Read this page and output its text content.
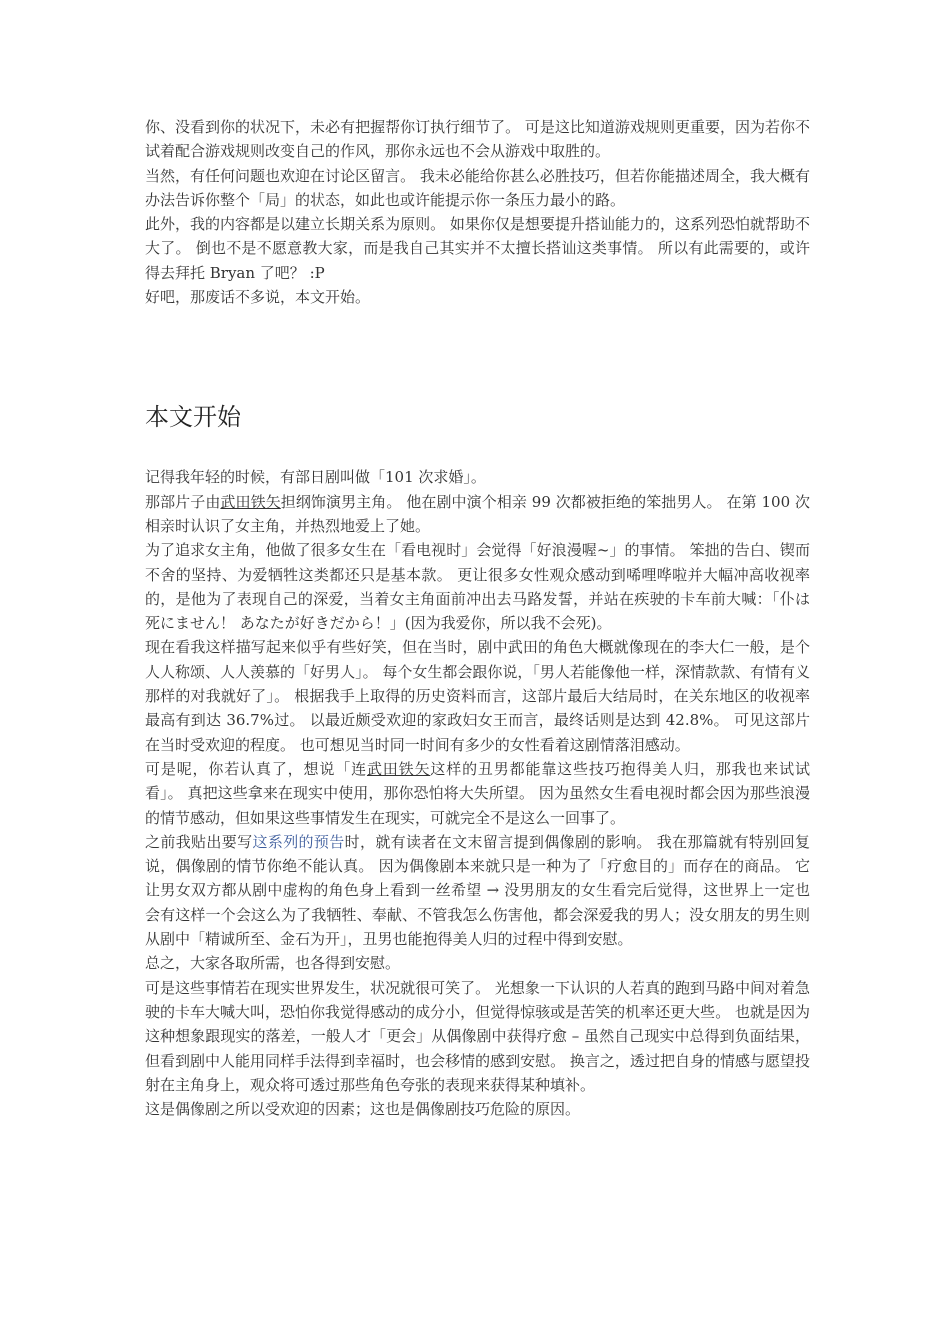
你、没看到你的状况下，未必有把握帮你订执行细节了。 可是这比知道游戏规则更重要，因为若你不试着配合游戏规则改变自己的作风，那你永远也不会从游戏中取胜的。

当然，有任何问题也欢迎在讨论区留言。 我未必能给你甚么必胜技巧，但若你能描述周全，我大概有办法告诉你整个「局」的状态，如此也或许能提示你一条压力最小的路。

此外，我的内容都是以建立长期关系为原则。 如果你仅是想要提升搭讪能力的，这系列恐怕就帮助不大了。 倒也不是不愿意教大家，而是我自己其实并不太擅长搭讪这类事情。 所以有此需要的，或许得去拜托 Bryan 了吧？ :P

好吧，那废话不多说，本文开始。

本文开始

记得我年轻的时候，有部日剧叫做「101 次求婚」。

那部片子由武田铁矢担纲饰演男主角。 他在剧中演个相亲 99 次都被拒绝的笨拙男人。 在第 100 次相亲时认识了女主角，并热烈地爱上了她。

为了追求女主角，他做了很多女生在「看电视时」会觉得「好浪漫喔~」的事情。 笨拙的告白、锲而不舍的坚持、为爱牺牲这类都还只是基本款。 更让很多女性观众感动到唏哩哗啦并大幅冲高收视率的，是他为了表现自己的深爱，当着女主角面前冲出去马路发誓，并站在疾驶的卡车前大喊：「仆は死にません！ あなたが好きだから！」(因为我爱你，所以我不会死)。

现在看我这样描写起来似乎有些好笑，但在当时，剧中武田的角色大概就像现在的李大仁一般，是个人人称颂、人人羡慕的「好男人」。 每个女生都会跟你说，「男人若能像他一样，深情款款、有情有义那样的对我就好了」。 根据我手上取得的历史资料而言，这部片最后大结局时，在关东地区的收视率最高有到达 36.7%过。 以最近颇受欢迎的家政妇女王而言，最终话则是达到 42.8%。 可见这部片在当时受欢迎的程度。 也可想见当时同一时间有多少的女性看着这剧情落泪感动。

可是呢，你若认真了，想说「连武田铁矢这样的丑男都能靠这些技巧抱得美人归，那我也来试试看」。 真把这些拿来在现实中使用，那你恐怕将大失所望。 因为虽然女生看电视时都会因为那些浪漫的情节感动，但如果这些事情发生在现实，可就完全不是这么一回事了。

之前我贴出要写这系列的预告时，就有读者在文末留言提到偶像剧的影响。 我在那篇就有特别回复说，偶像剧的情节你绝不能认真。 因为偶像剧本来就只是一种为了「疗愈目的」而存在的商品。 它让男女双方都从剧中虚构的角色身上看到一丝希望 → 没男朋友的女生看完后觉得，这世界上一定也会有这样一个会这么为了我牺牲、奉献、不管我怎么伤害他，都会深爱我的男人；没女朋友的男生则从剧中「精诚所至、金石为开」，丑男也能抱得美人归的过程中得到安慰。

总之，大家各取所需，也各得到安慰。

可是这些事情若在现实世界发生，状况就很可笑了。 光想象一下认识的人若真的跑到马路中间对着急驶的卡车大喊大叫，恐怕你我觉得感动的成分小，但觉得惊骇或是苦笑的机率还更大些。 也就是因为这种想象跟现实的落差，一般人才「更会」从偶像剧中获得疗愈 – 虽然自己现实中总得到负面结果，但看到剧中人能用同样手法得到幸福时，也会移情的感到安慰。 换言之，透过把自身的情感与愿望投射在主角身上，观众将可透过那些角色夸张的表现来获得某种填补。

这是偶像剧之所以受欢迎的因素；这也是偶像剧技巧危险的原因。
